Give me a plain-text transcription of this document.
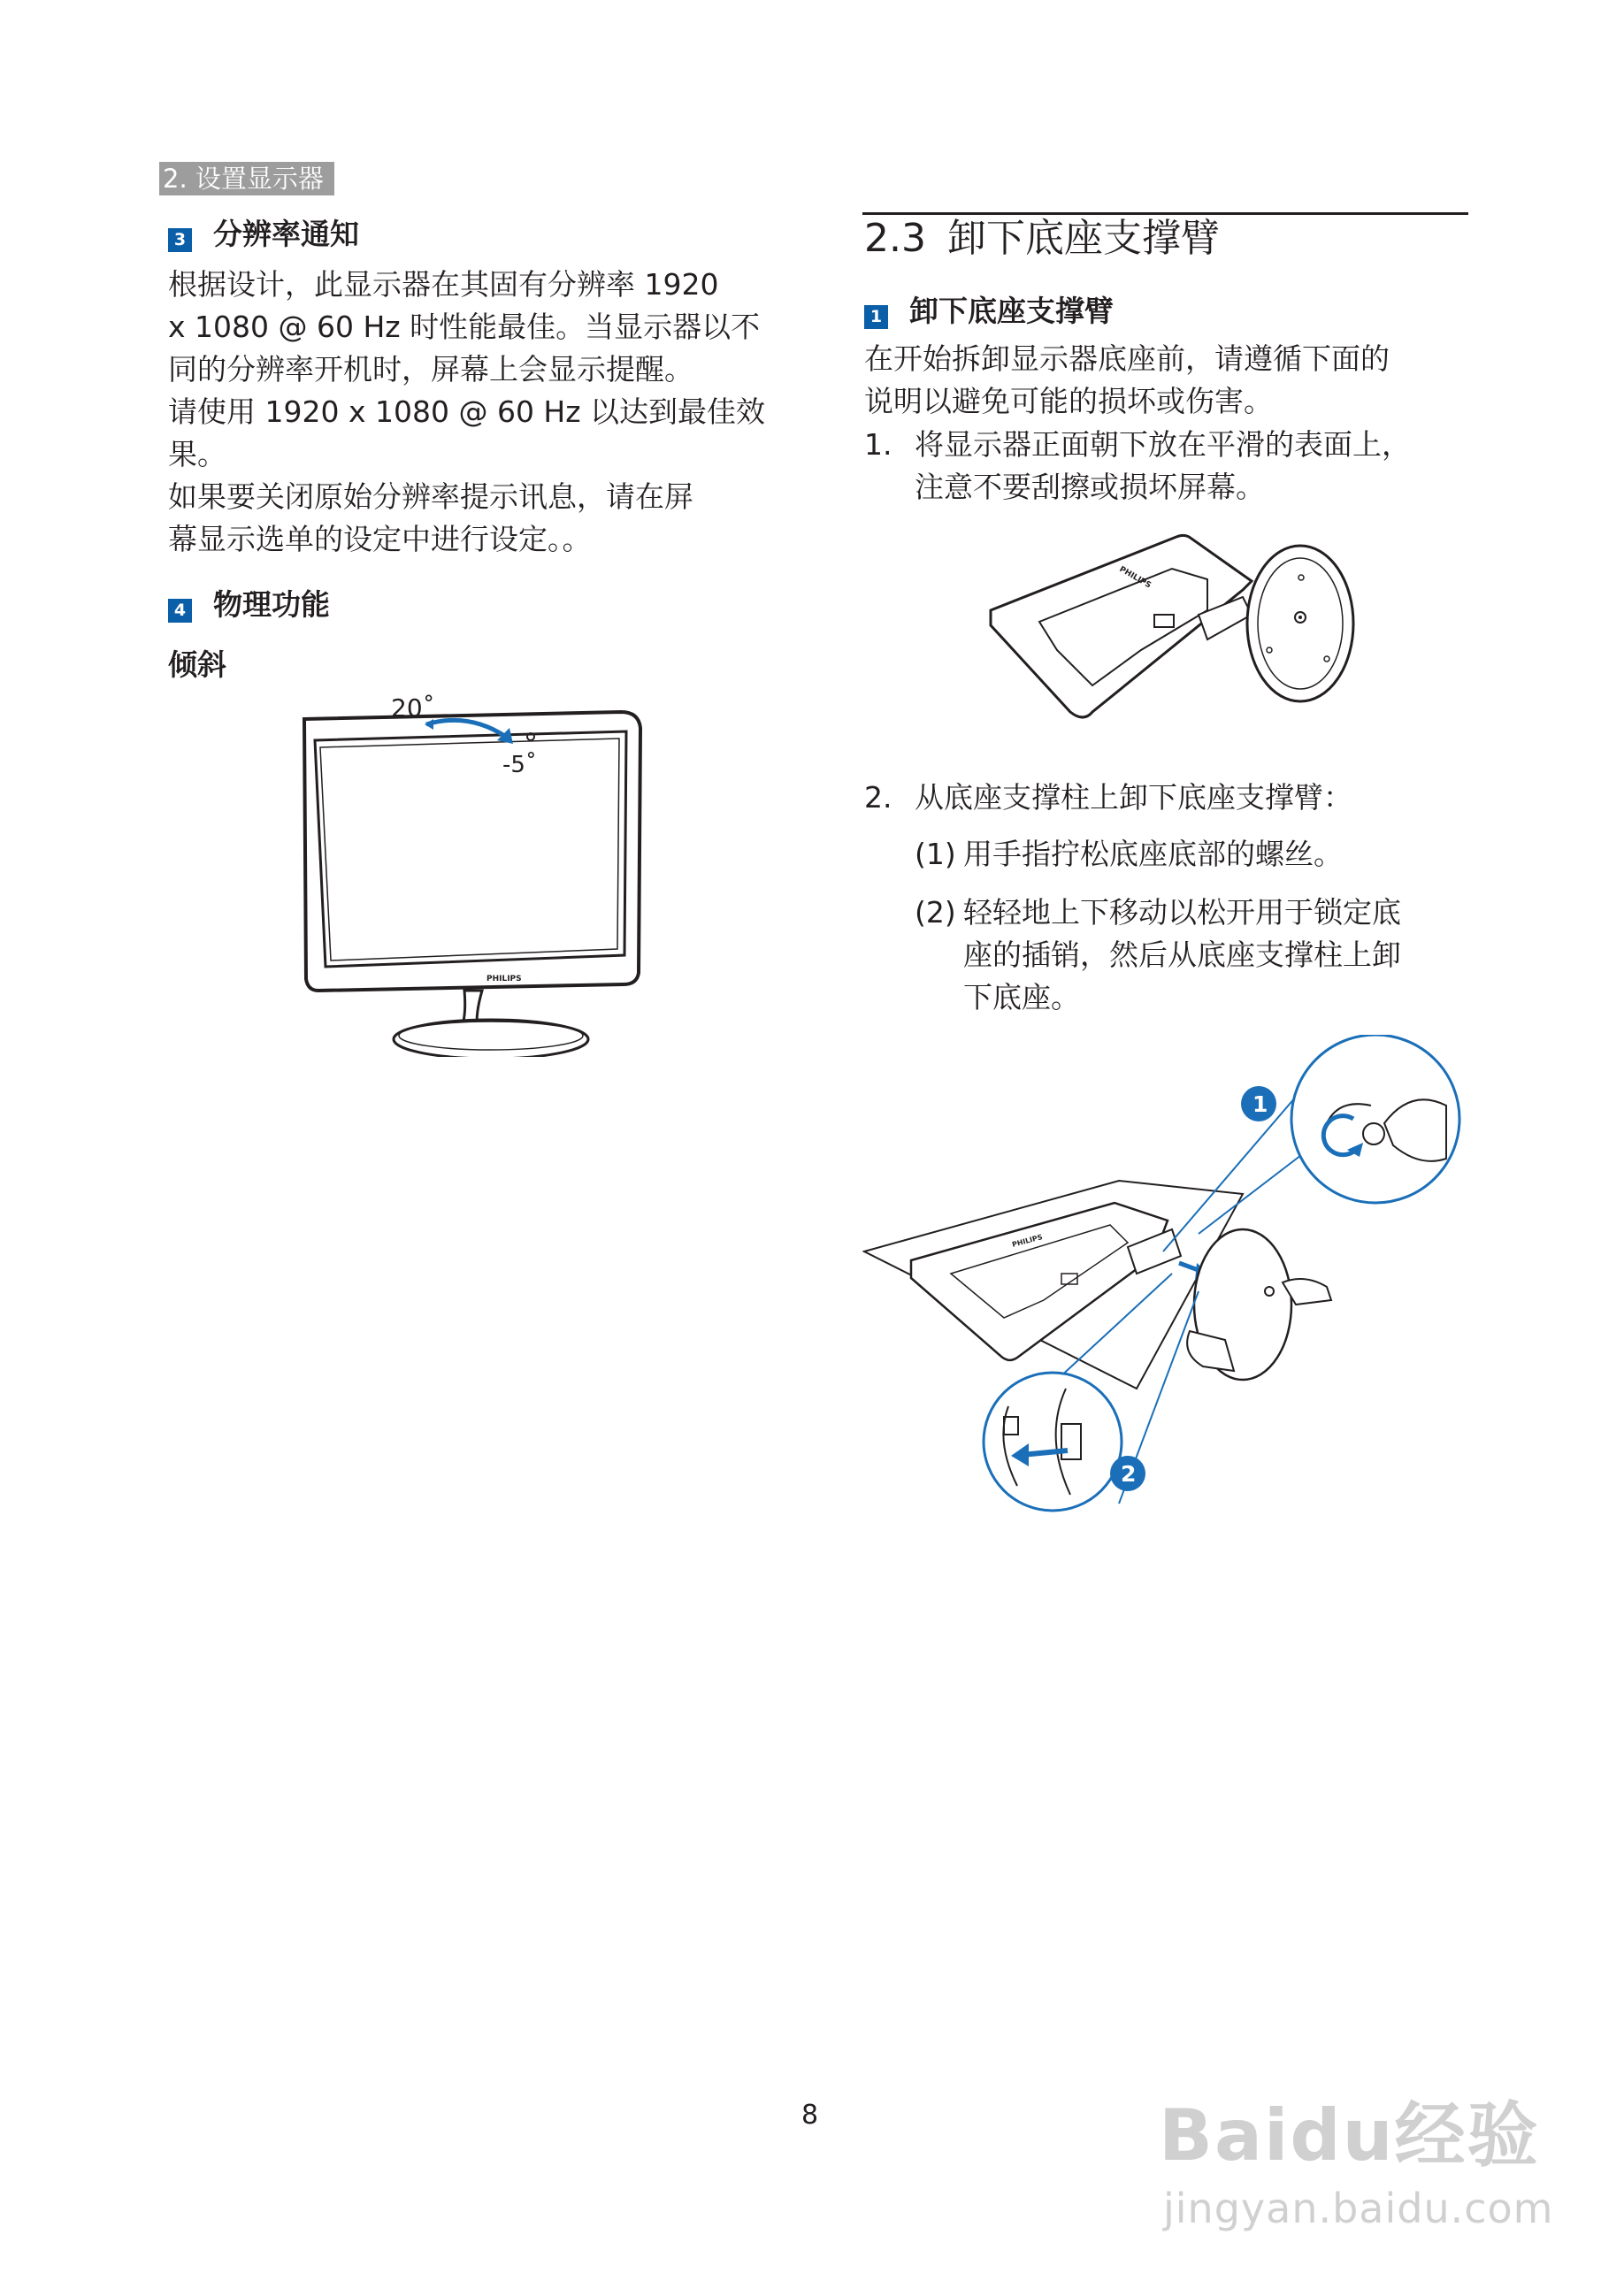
2. 设置显示器
3 分辨率通知
根据设计，此显示器在其固有分辨率 1920
x 1080 @ 60 Hz 时性能最佳。当显示器以不
同的分辨率开机时，屏幕上会显示提醒。
请使用 1920 x 1080 @ 60 Hz 以达到最佳效
果。
如果要关闭原始分辨率提示讯息，请在屏
幕显示选单的设定中进行设定。。
4 物理功能
倾斜
PHILIPS
20˚
-5˚
2.3 卸下底座支撑臂
1 卸下底座支撑臂
在开始拆卸显示器底座前，请遵循下面的
说明以避免可能的损坏或伤害。
1. 将显示器正面朝下放在平滑的表面上，
注意不要刮擦或损坏屏幕。
PHILIPS
2. 从底座支撑柱上卸下底座支撑臂：
(1) 用手指拧松底座底部的螺丝。
(2) 轻轻地上下移动以松开用于锁定底
座的插销，然后从底座支撑柱上卸
下底座。
PHILIPS
1
2
8	Baidu经验
jingyan.baidu.com
